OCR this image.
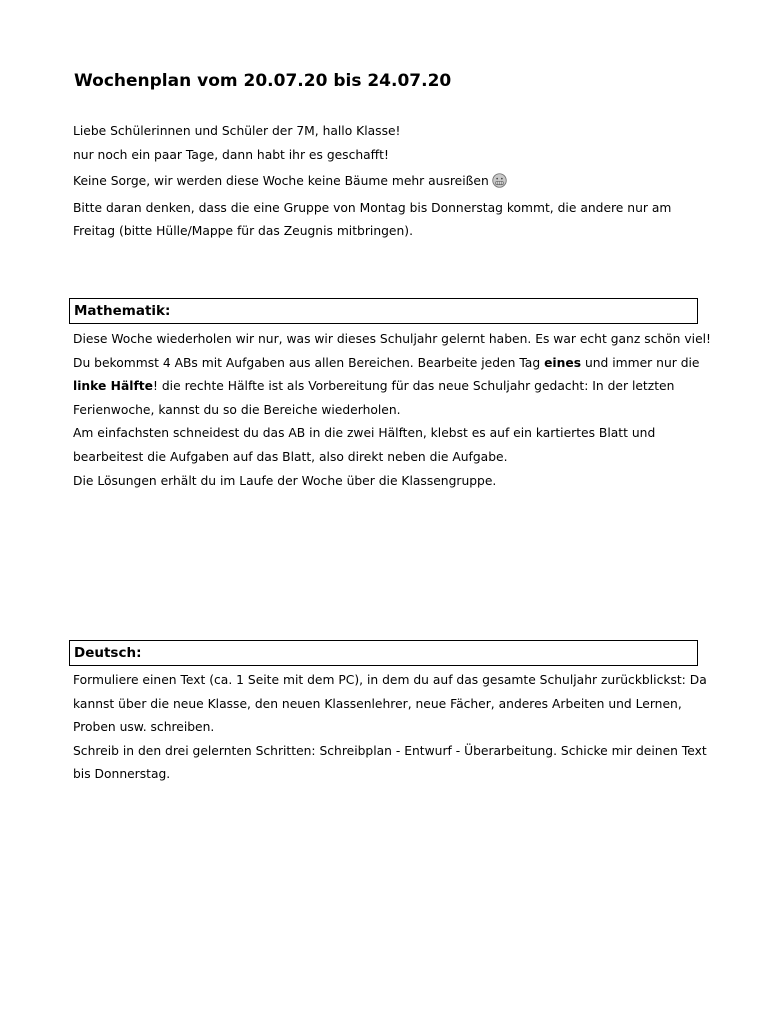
Wochenplan vom 20.07.20 bis 24.07.20

Liebe Schülerinnen und Schüler der 7M, hallo Klasse!

nur noch ein paar Tage, dann habt ihr es geschafft!

Keine Sorge, wir werden diese Woche keine Bäume mehr ausreißen

Bitte daran denken, dass die eine Gruppe von Montag bis Donnerstag kommt, die andere nur am Freitag (bitte Hülle/Mappe für das Zeugnis mitbringen).

Mathematik:

Diese Woche wiederholen wir nur, was wir dieses Schuljahr gelernt haben. Es war echt ganz schön viel!

Du bekommst 4 ABs mit Aufgaben aus allen Bereichen. Bearbeite jeden Tag eines und immer nur die linke Hälfte! die rechte Hälfte ist als Vorbereitung für das neue Schuljahr gedacht: In der letzten Ferienwoche, kannst du so die Bereiche wiederholen.

Am einfachsten schneidest du das AB in die zwei Hälften, klebst es auf ein kartiertes Blatt und bearbeitest die Aufgaben auf das Blatt, also direkt neben die Aufgabe.

Die Lösungen erhält du im Laufe der Woche über die Klassengruppe.

Deutsch:

Formuliere einen Text (ca. 1 Seite mit dem PC), in dem du auf das gesamte Schuljahr zurückblickst: Da kannst über die neue Klasse, den neuen Klassenlehrer, neue Fächer, anderes Arbeiten und Lernen, Proben usw. schreiben.

Schreib in den drei gelernten Schritten: Schreibplan - Entwurf - Überarbeitung. Schicke mir deinen Text bis Donnerstag.
